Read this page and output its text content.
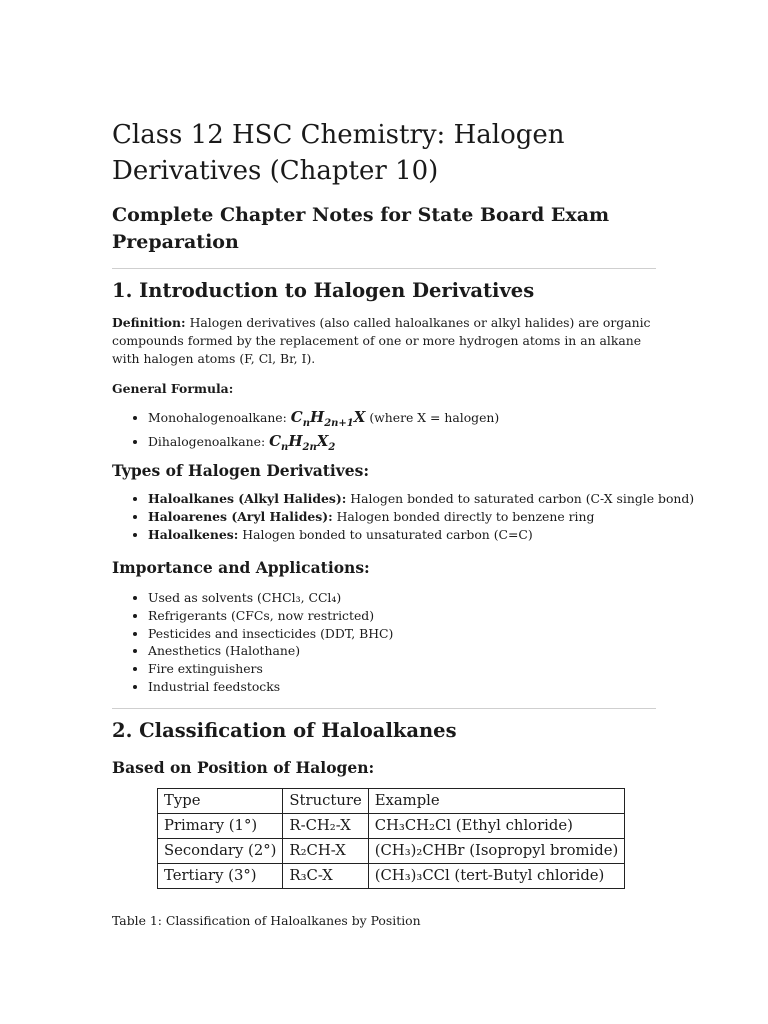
Class 12 HSC Chemistry: Halogen Derivatives (Chapter 10)
Complete Chapter Notes for State Board Exam Preparation
1. Introduction to Halogen Derivatives

Definition: Halogen derivatives (also called haloalkanes or alkyl halides) are organic compounds formed by the replacement of one or more hydrogen atoms in an alkane with halogen atoms (F, Cl, Br, I).

General Formula:

• Monohalogenoalkane: $C_nH_{2n+1}X$ (where X = halogen)
• Dihalogenoalkane: $C_nH_{2n}X_2$
Types of Halogen Derivatives:
• Haloalkanes (Alkyl Halides): Halogen bonded to saturated carbon (C-X single bond)
• Haloarenes (Aryl Halides): Halogen bonded directly to benzene ring
• Haloalkenes: Halogen bonded to unsaturated carbon (C=C)
Importance and Applications:
• Used as solvents (CHCl₃, CCl₄)
• Refrigerants (CFCs, now restricted)
• Pesticides and insecticides (DDT, BHC)
• Anesthetics (Halothane)
• Fire extinguishers
• Industrial feedstocks
2. Classification of Haloalkanes
Based on Position of Halogen:
Type	Structure	Example
Primary (1°)	R-CH₂-X	CH₃CH₂Cl (Ethyl chloride)
Secondary (2°)	R₂CH-X	(CH₃)₂CHBr (Isopropyl bromide)
Tertiary (3°)	R₃C-X	(CH₃)₃CCl (tert-Butyl chloride)

Table 1: Classification of Haloalkanes by Position
